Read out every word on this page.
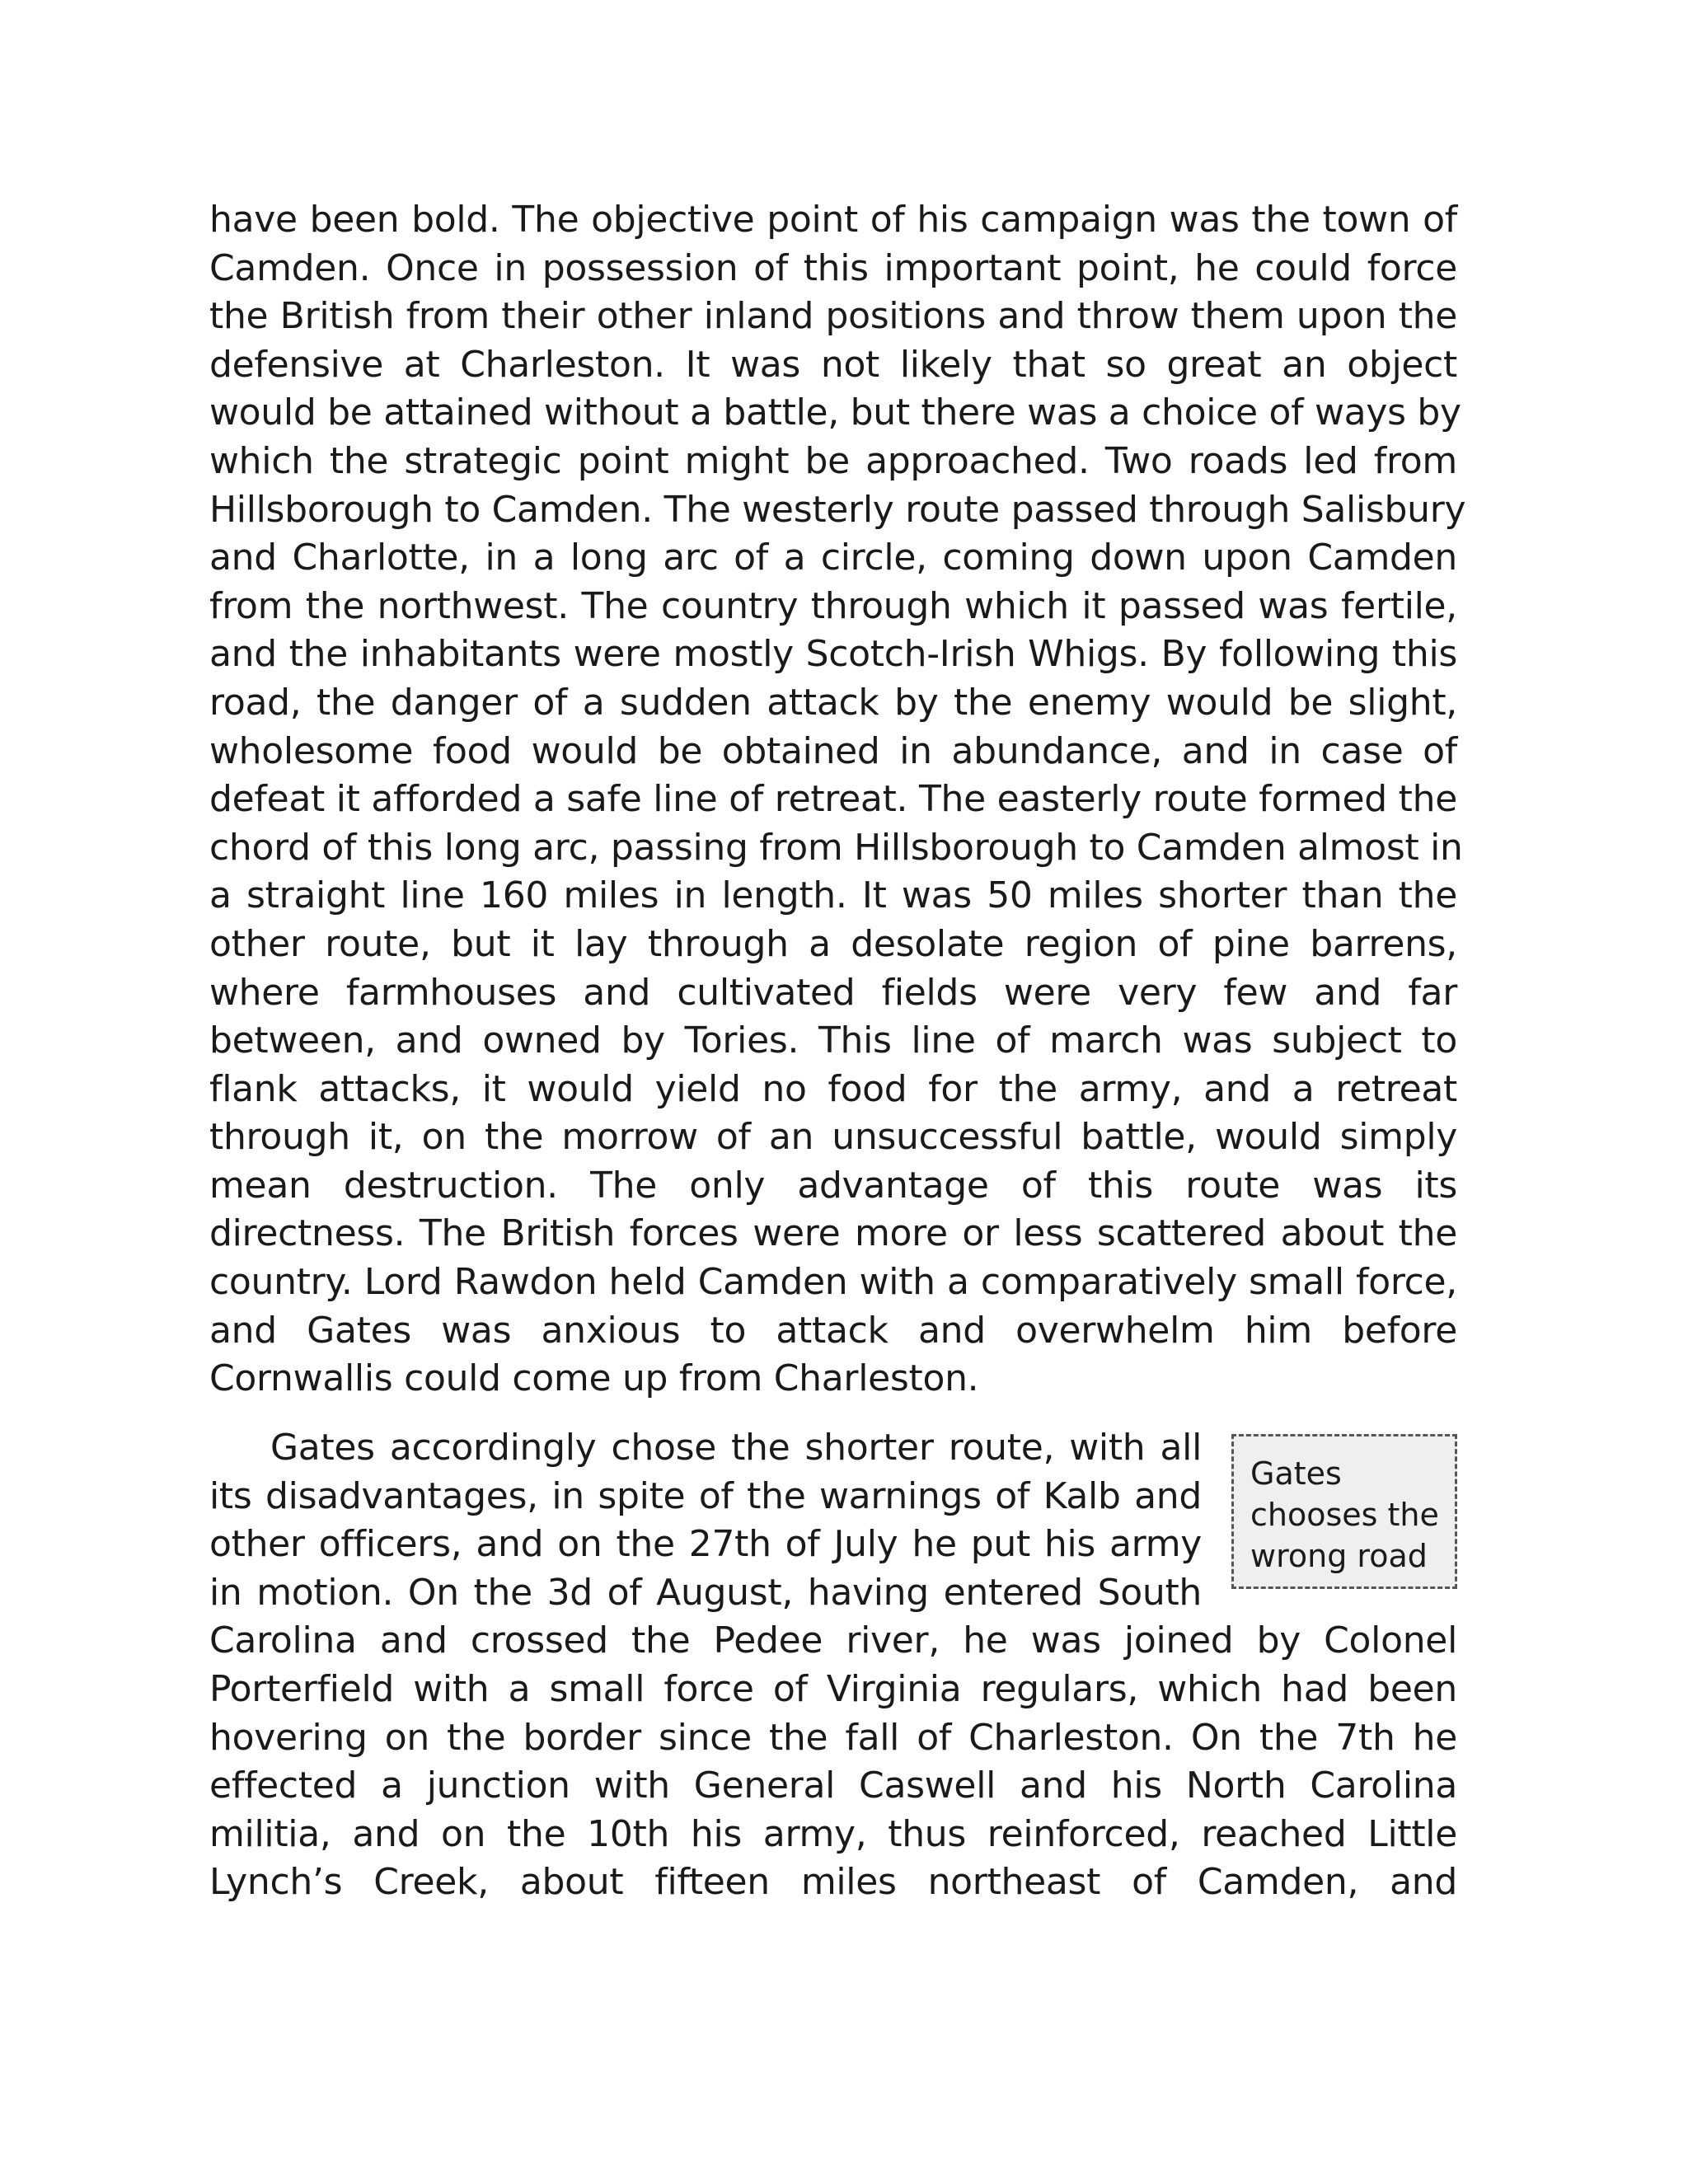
have been bold. The objective point of his campaign was the town of
Camden. Once in possession of this important point, he could force
the British from their other inland positions and throw them upon the
defensive at Charleston. It was not likely that so great an object
would be attained without a battle, but there was a choice of ways by
which the strategic point might be approached. Two roads led from
Hillsborough to Camden. The westerly route passed through Salisbury
and Charlotte, in a long arc of a circle, coming down upon Camden
from the northwest. The country through which it passed was fertile,
and the inhabitants were mostly Scotch-Irish Whigs. By following this
road, the danger of a sudden attack by the enemy would be slight,
wholesome food would be obtained in abundance, and in case of
defeat it afforded a safe line of retreat. The easterly route formed the
chord of this long arc, passing from Hillsborough to Camden almost in
a straight line 160 miles in length. It was 50 miles shorter than the
other route, but it lay through a desolate region of pine barrens,
where farmhouses and cultivated fields were very few and far
between, and owned by Tories. This line of march was subject to
flank attacks, it would yield no food for the army, and a retreat
through it, on the morrow of an unsuccessful battle, would simply
mean destruction. The only advantage of this route was its
directness. The British forces were more or less scattered about the
country. Lord Rawdon held Camden with a comparatively small force,
and Gates was anxious to attack and overwhelm him before
Cornwallis could come up from Charleston.
Gates accordingly chose the shorter route, with all
its disadvantages, in spite of the warnings of Kalb and
other officers, and on the 27th of July he put his army
in motion. On the 3d of August, having entered South
Carolina and crossed the Pedee river, he was joined by Colonel
Porterfield with a small force of Virginia regulars, which had been
hovering on the border since the fall of Charleston. On the 7th he
effected a junction with General Caswell and his North Carolina
militia, and on the 10th his army, thus reinforced, reached Little
Lynch’s Creek, about fifteen miles northeast of Camden, and
Gates
chooses the
wrong road
